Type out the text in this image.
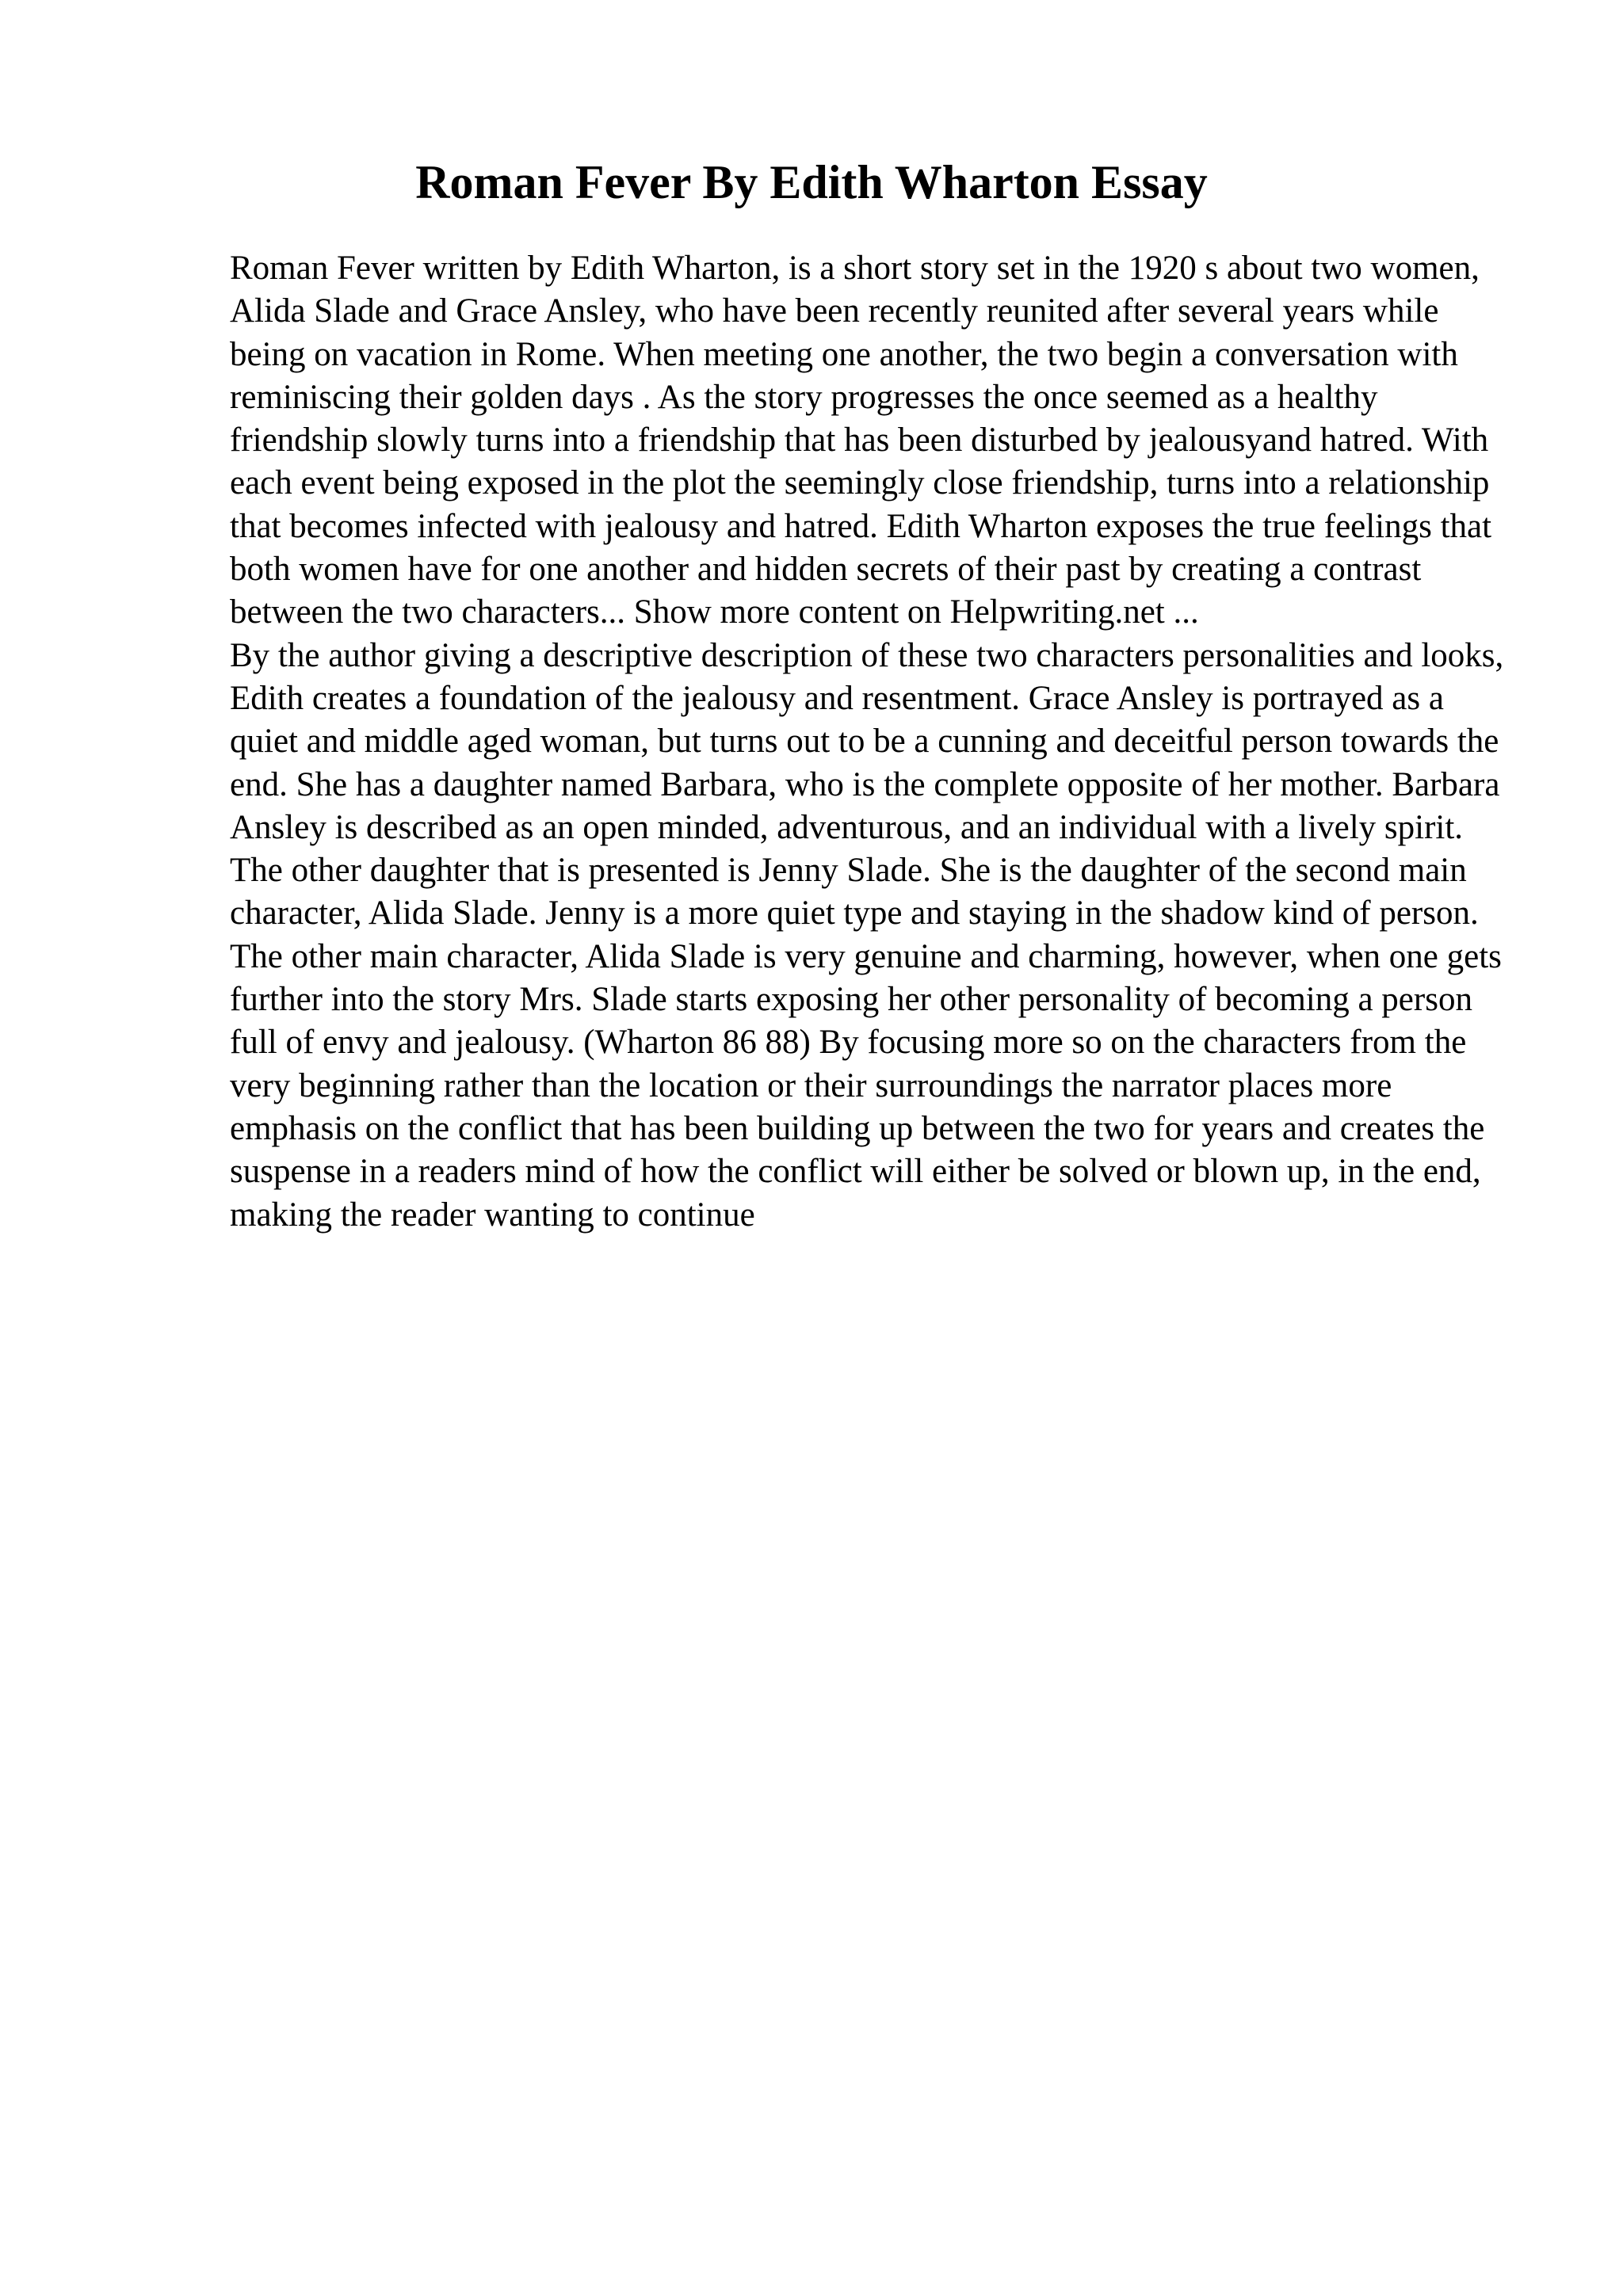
Roman Fever By Edith Wharton Essay

Roman Fever written by Edith Wharton, is a short story set in the 1920 s about two women, Alida Slade and Grace Ansley, who have been recently reunited after several years while being on vacation in Rome. When meeting one another, the two begin a conversation with reminiscing their golden days . As the story progresses the once seemed as a healthy friendship slowly turns into a friendship that has been disturbed by jealousyand hatred. With each event being exposed in the plot the seemingly close friendship, turns into a relationship that becomes infected with jealousy and hatred. Edith Wharton exposes the true feelings that both women have for one another and hidden secrets of their past by creating a contrast between the two characters... Show more content on Helpwriting.net ...

By the author giving a descriptive description of these two characters personalities and looks, Edith creates a foundation of the jealousy and resentment. Grace Ansley is portrayed as a quiet and middle aged woman, but turns out to be a cunning and deceitful person towards the end. She has a daughter named Barbara, who is the complete opposite of her mother. Barbara Ansley is described as an open minded, adventurous, and an individual with a lively spirit. The other daughter that is presented is Jenny Slade. She is the daughter of the second main character, Alida Slade. Jenny is a more quiet type and staying in the shadow kind of person. The other main character, Alida Slade is very genuine and charming, however, when one gets further into the story Mrs. Slade starts exposing her other personality of becoming a person full of envy and jealousy. (Wharton 86 88) By focusing more so on the characters from the very beginning rather than the location or their surroundings the narrator places more emphasis on the conflict that has been building up between the two for years and creates the suspense in a readers mind of how the conflict will either be solved or blown up, in the end, making the reader wanting to continue
